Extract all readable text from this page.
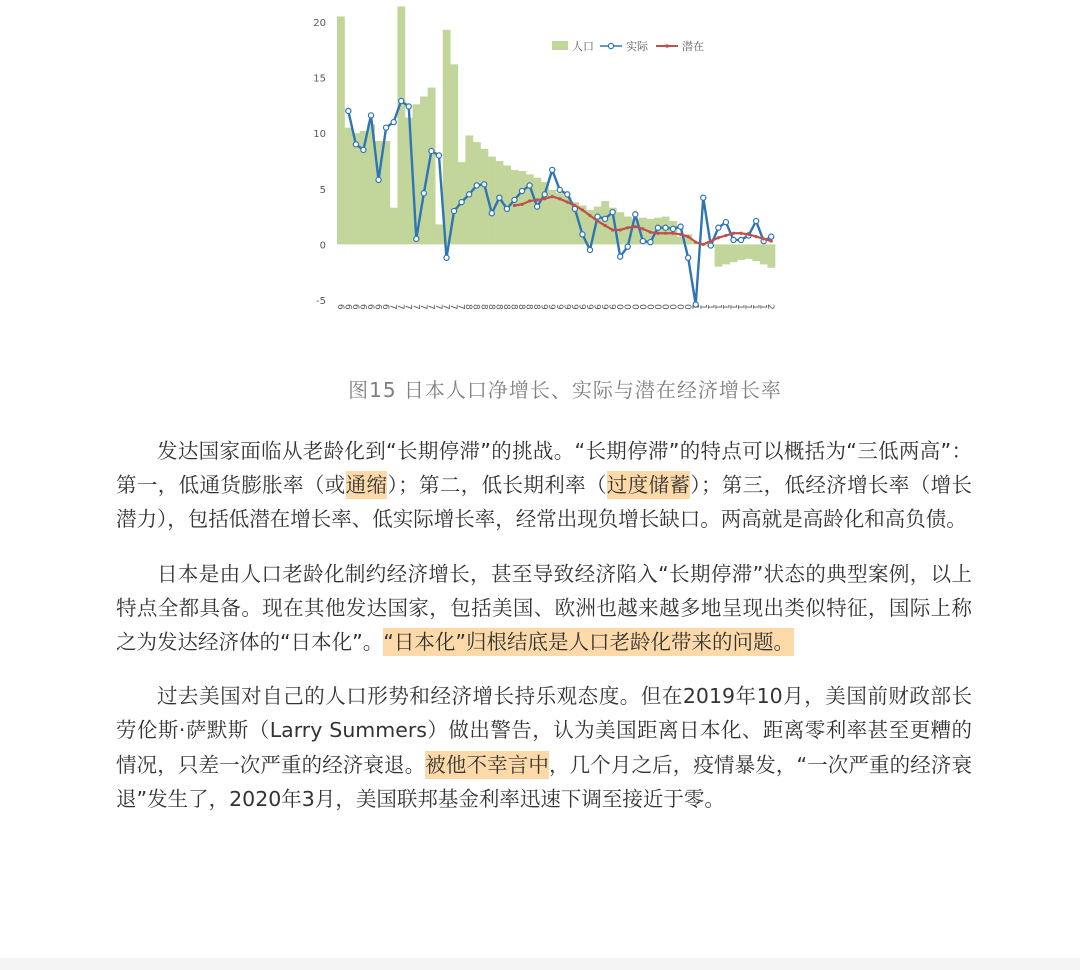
-5
0
5
10
15
20
6
6
6
6
6
6
6
7
7
7
7
7
7
7
7
7
7
8
8
8
8
8
8
8
8
8
8
9
9
9
9
9
9
9
9
9
9
0
0
0
0
0
0
0
0
0
0
1
1
1
1
1
1
1
1
1
1
2
人口	实际	潜在
图15 日本人口净增长、实际与潜在经济增长率

发达国家面临从老龄化到“长期停滞”的挑战。“长期停滞”的特点可以概括为“三低两高”：第一，低通货膨胀率（或通缩）；第二，低长期利率（过度储蓄）；第三，低经济增长率（增长潜力），包括低潜在增长率、低实际增长率，经常出现负增长缺口。两高就是高龄化和高负债。

日本是由人口老龄化制约经济增长，甚至导致经济陷入“长期停滞”状态的典型案例，以上特点全都具备。现在其他发达国家，包括美国、欧洲也越来越多地呈现出类似特征，国际上称之为发达经济体的“日本化”。“日本化”归根结底是人口老龄化带来的问题。

过去美国对自己的人口形势和经济增长持乐观态度。但在2019年10月，美国前财政部长劳伦斯·萨默斯（Larry Summers）做出警告，认为美国距离日本化、距离零利率甚至更糟的情况，只差一次严重的经济衰退。被他不幸言中，几个月之后，疫情暴发，“一次严重的经济衰退”发生了，2020年3月，美国联邦基金利率迅速下调至接近于零。
